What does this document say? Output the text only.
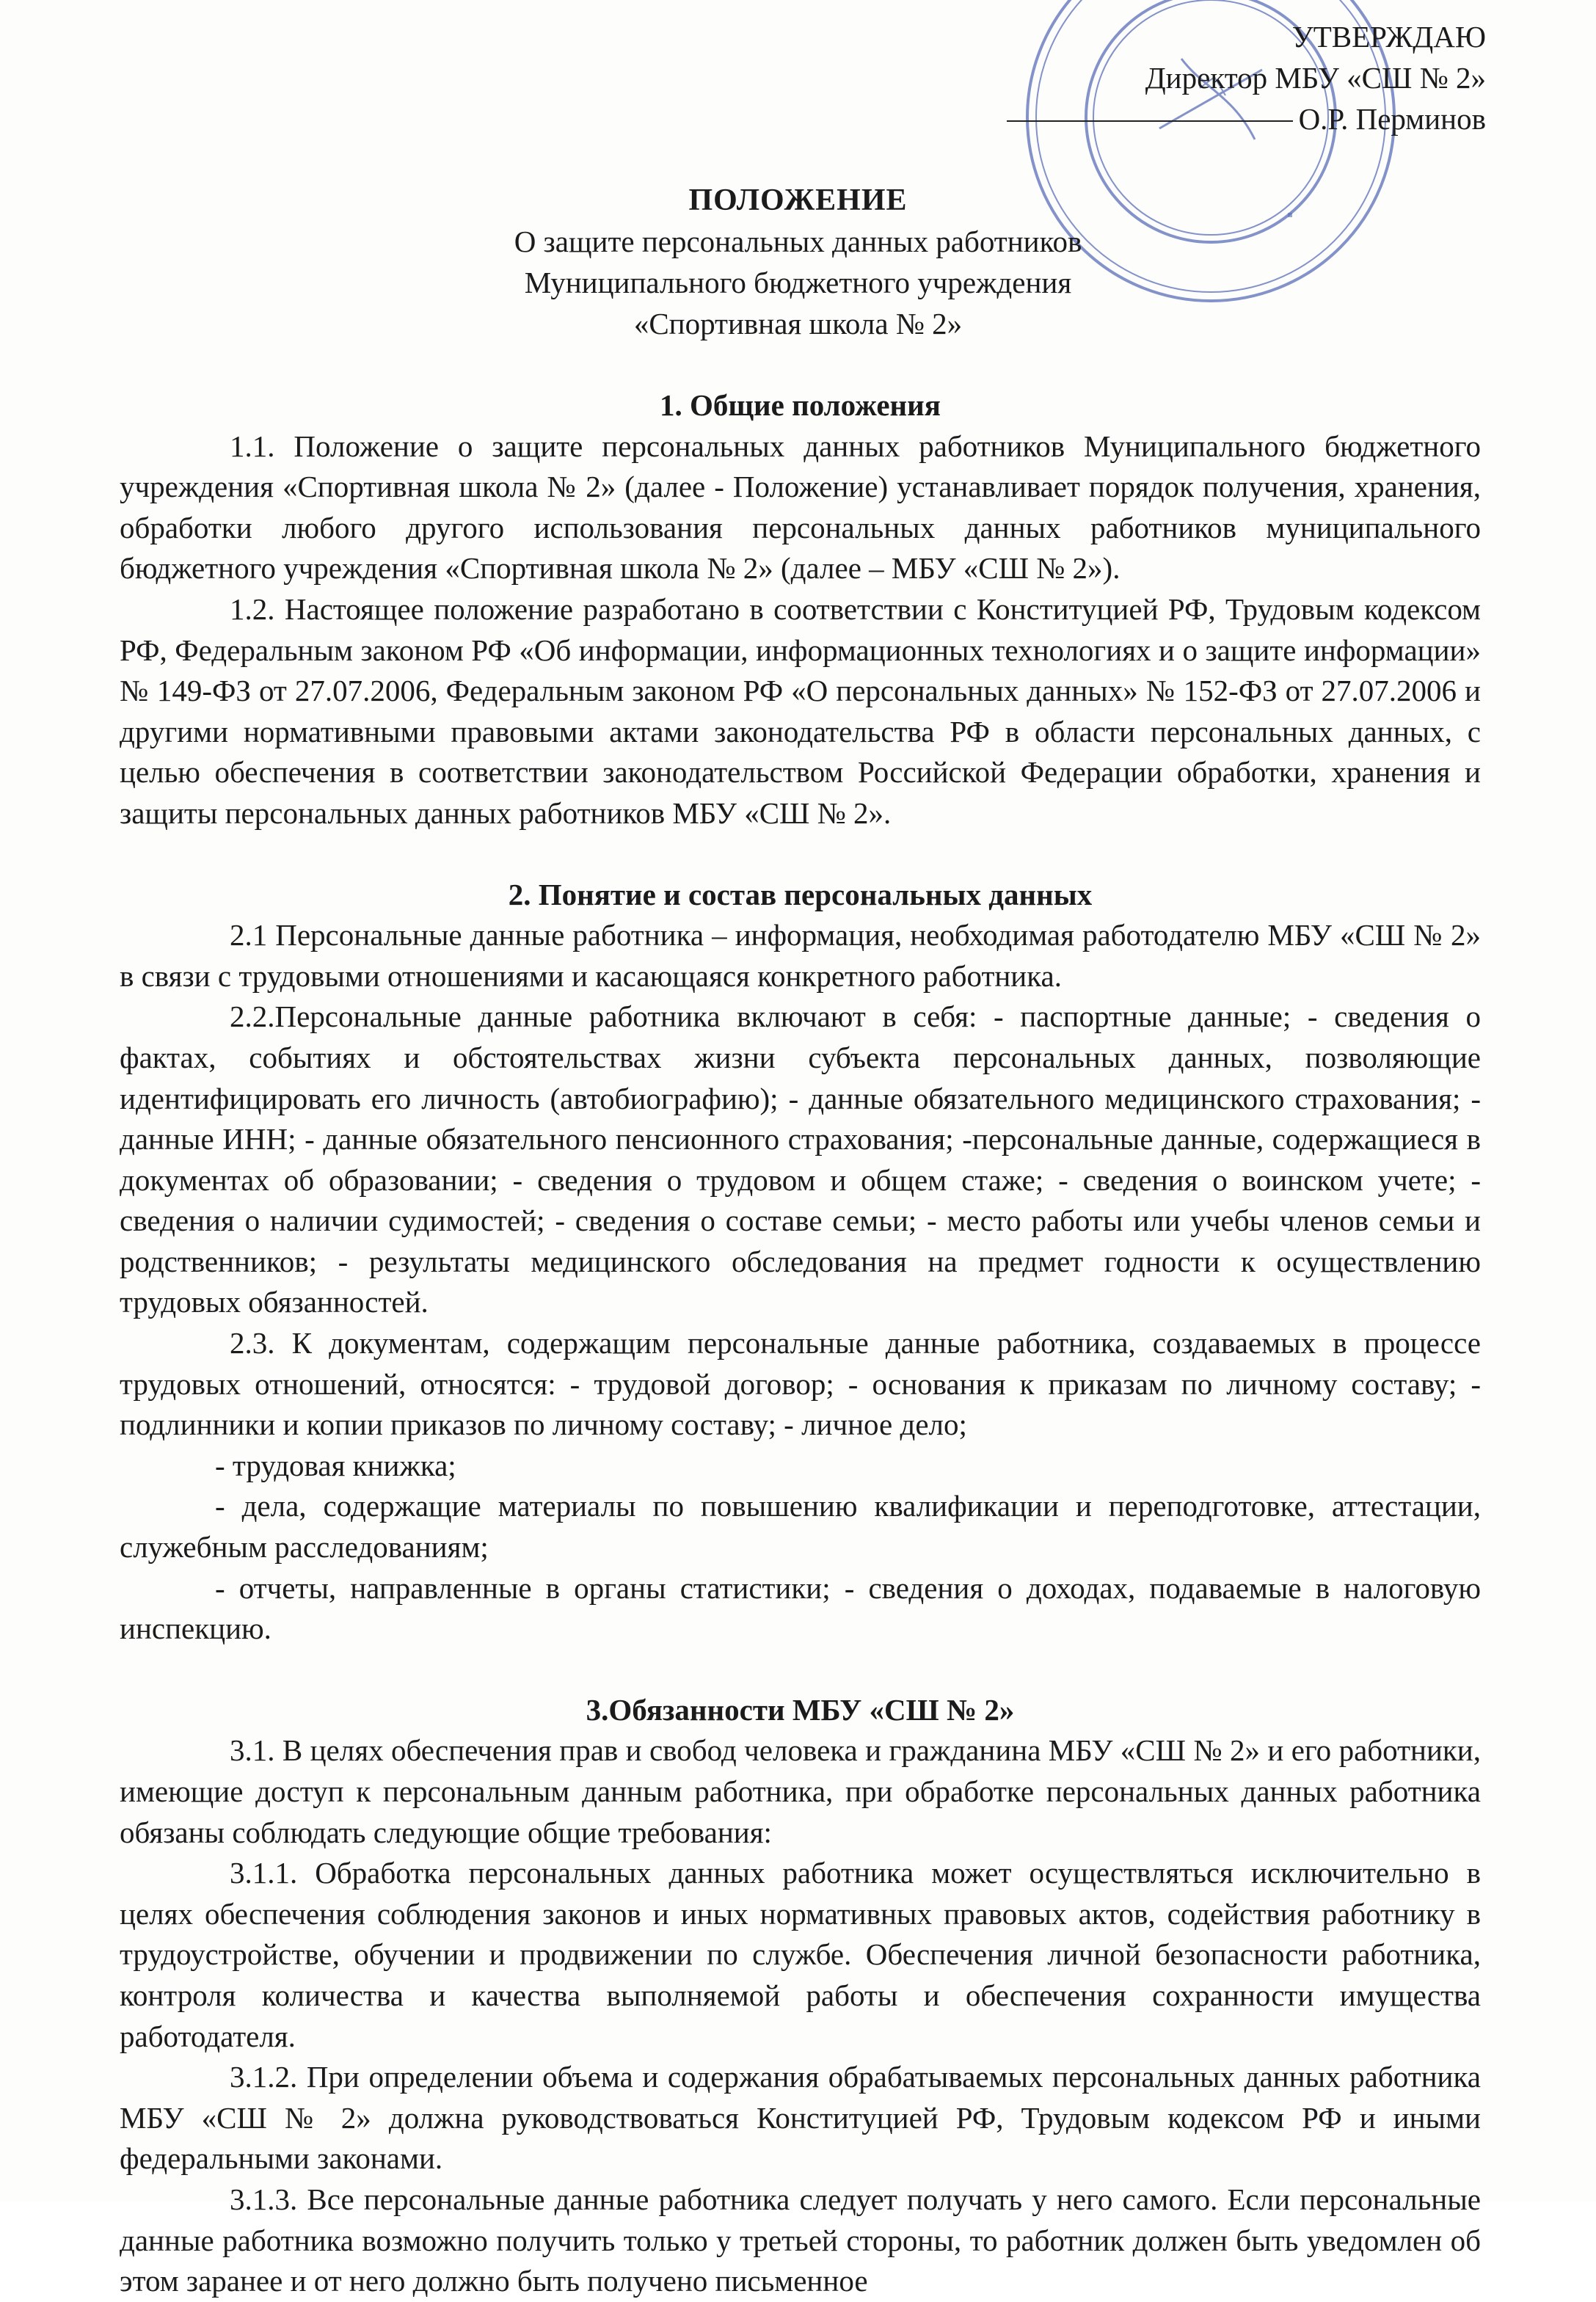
УТВЕРЖДАЮ
Директор МБУ «СШ № 2»
О.Р. Перминов
ПОЛОЖЕНИЕ
О защите персональных данных работников
Муниципального бюджетного учреждения
«Спортивная школа № 2»
1. Общие положения

1.1. Положение о защите персональных данных работников Муниципального бюджетного учреждения «Спортивная школа № 2» (далее - Положение) устанавливает порядок получения, хранения, обработки любого другого использования персональных данных работников муниципального бюджетного учреждения «Спортивная школа № 2» (далее – МБУ «СШ № 2»).

1.2. Настоящее положение разработано в соответствии с Конституцией РФ, Трудовым кодексом РФ, Федеральным законом РФ «Об информации, информационных технологиях и о защите информации» № 149-ФЗ от 27.07.2006, Федеральным законом РФ «О персональных данных» № 152-ФЗ от 27.07.2006 и другими нормативными правовыми актами законодательства РФ в области персональных данных, с целью обеспечения в соответствии законодательством Российской Федерации обработки, хранения и защиты персональных данных работников МБУ «СШ № 2».

2. Понятие и состав персональных данных

2.1 Персональные данные работника – информация, необходимая работодателю МБУ «СШ № 2» в связи с трудовыми отношениями и касающаяся конкретного работника.

2.2.Персональные данные работника включают в себя: - паспортные данные; - сведения о фактах, событиях и обстоятельствах жизни субъекта персональных данных, позволяющие идентифицировать его личность (автобиографию); - данные обязательного медицинского страхования; - данные ИНН; - данные обязательного пенсионного страхования; -персональные данные, содержащиеся в документах об образовании; - сведения о трудовом и общем стаже; - сведения о воинском учете; - сведения о наличии судимостей; - сведения о составе семьи; - место работы или учебы членов семьи и родственников; - результаты медицинского обследования на предмет годности к осуществлению трудовых обязанностей.

2.3. К документам, содержащим персональные данные работника, создаваемых в процессе трудовых отношений, относятся: - трудовой договор; - основания к приказам по личному составу; - подлинники и копии приказов по личному составу; - личное дело;

- трудовая книжка;

- дела, содержащие материалы по повышению квалификации и переподготовке, аттестации, служебным расследованиям;

- отчеты, направленные в органы статистики; - сведения о доходах, подаваемые в налоговую инспекцию.

3.Обязанности МБУ «СШ № 2»

3.1. В целях обеспечения прав и свобод человека и гражданина МБУ «СШ № 2» и его работники, имеющие доступ к персональным данным работника, при обработке персональных данных работника обязаны соблюдать следующие общие требования:

3.1.1. Обработка персональных данных работника может осуществляться исключительно в целях обеспечения соблюдения законов и иных нормативных правовых актов, содействия работнику в трудоустройстве, обучении и продвижении по службе. Обеспечения личной безопасности работника, контроля количества и качества выполняемой работы и обеспечения сохранности имущества работодателя.

3.1.2. При определении объема и содержания обрабатываемых персональных данных работника МБУ «СШ № 2» должна руководствоваться Конституцией РФ, Трудовым кодексом РФ и иными федеральными законами.

3.1.3. Все персональные данные работника следует получать у него самого. Если персональные данные работника возможно получить только у третьей стороны, то работник должен быть уведомлен об этом заранее и от него должно быть получено письменное
